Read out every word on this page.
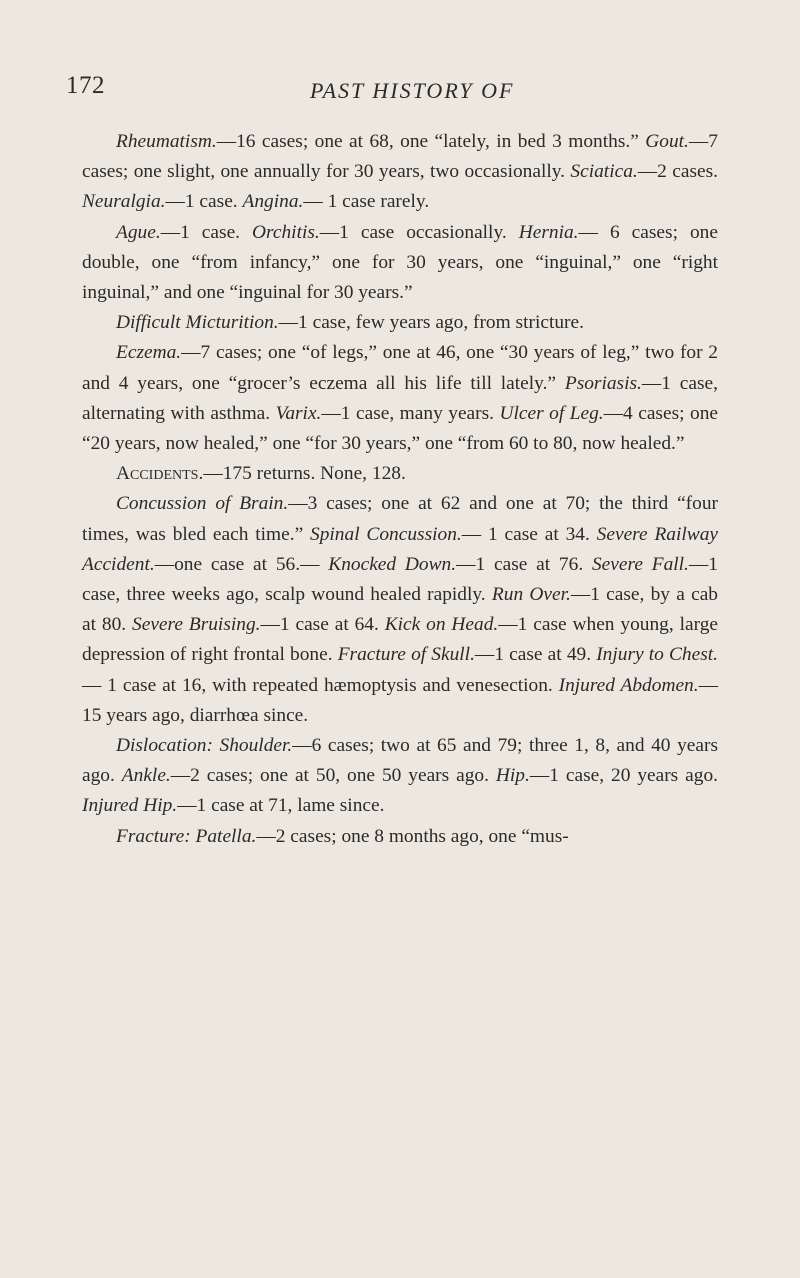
172	PAST HISTORY OF

Rheumatism.—16 cases; one at 68, one “lately, in bed 3 months.” Gout.—7 cases; one slight, one annually for 30 years, two occasionally. Sciatica.—2 cases. Neuralgia.—1 case. Angina.— 1 case rarely.

Ague.—1 case. Orchitis.—1 case occasionally. Hernia.— 6 cases; one double, one “from infancy,” one for 30 years, one “inguinal,” one “right inguinal,” and one “inguinal for 30 years.”

Difficult Micturition.—1 case, few years ago, from stricture.

Eczema.—7 cases; one “of legs,” one at 46, one “30 years of leg,” two for 2 and 4 years, one “grocer’s eczema all his life till lately.” Psoriasis.—1 case, alternating with asthma. Varix.—1 case, many years. Ulcer of Leg.—4 cases; one “20 years, now healed,” one “for 30 years,” one “from 60 to 80, now healed.”

Accidents.—175 returns. None, 128.

Concussion of Brain.—3 cases; one at 62 and one at 70; the third “four times, was bled each time.” Spinal Concussion.— 1 case at 34. Severe Railway Accident.—one case at 56.— Knocked Down.—1 case at 76. Severe Fall.—1 case, three weeks ago, scalp wound healed rapidly. Run Over.—1 case, by a cab at 80. Severe Bruising.—1 case at 64. Kick on Head.—1 case when young, large depression of right frontal bone. Fracture of Skull.—1 case at 49. Injury to Chest.— 1 case at 16, with repeated hæmoptysis and venesection. Injured Abdomen.—15 years ago, diarrhœa since.

Dislocation: Shoulder.—6 cases; two at 65 and 79; three 1, 8, and 40 years ago. Ankle.—2 cases; one at 50, one 50 years ago. Hip.—1 case, 20 years ago. Injured Hip.—1 case at 71, lame since.

Fracture: Patella.—2 cases; one 8 months ago, one “mus-
